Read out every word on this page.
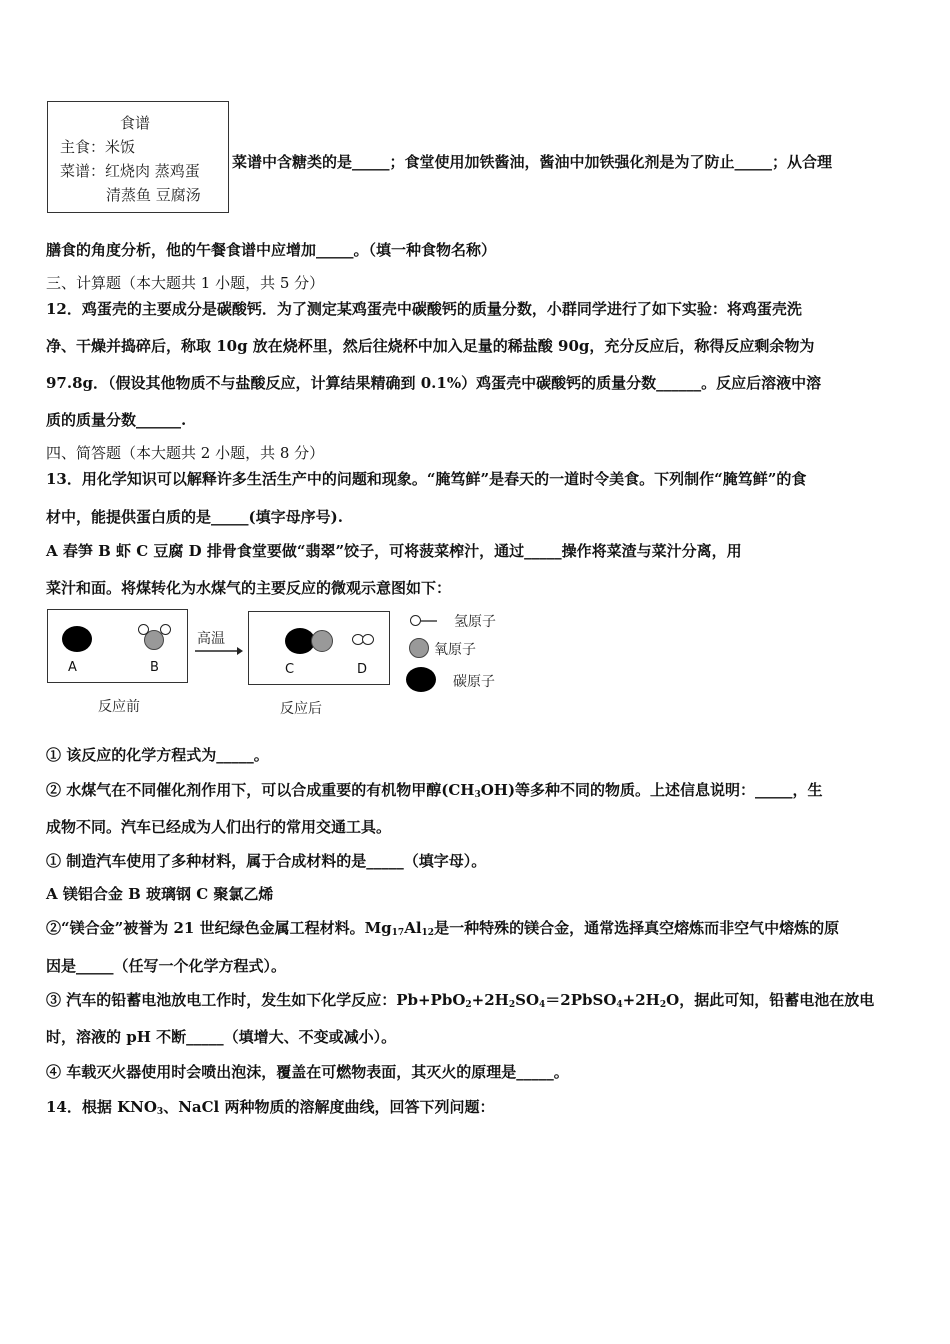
食谱
主食：米饭
菜谱：红烧肉 蒸鸡蛋
清蒸鱼 豆腐汤
菜谱中含糖类的是_____；食堂使用加铁酱油，酱油中加铁强化剂是为了防止_____；从合理
膳食的角度分析，他的午餐食谱中应增加_____。（填一种食物名称）
三、计算题（本大题共 1 小题，共 5 分）
12．鸡蛋壳的主要成分是碳酸钙．为了测定某鸡蛋壳中碳酸钙的质量分数，小群同学进行了如下实验：将鸡蛋壳洗
净、干燥并捣碎后，称取 10g 放在烧杯里，然后往烧杯中加入足量的稀盐酸 90g，充分反应后，称得反应剩余物为
97.8g．（假设其他物质不与盐酸反应，计算结果精确到 0.1%）鸡蛋壳中碳酸钙的质量分数______。反应后溶液中溶
质的质量分数______.
四、简答题（本大题共 2 小题，共 8 分）
13．用化学知识可以解释许多生活生产中的问题和现象。“腌笃鲜”是春天的一道时令美食。下列制作“腌笃鲜”的食
材中，能提供蛋白质的是_____(填字母序号).
A 春笋 B 虾 C 豆腐 D 排骨食堂要做“翡翠”饺子，可将菠菜榨汁，通过_____操作将菜渣与菜汁分离，用
菜汁和面。将煤转化为水煤气的主要反应的微观示意图如下：
A	B
高温
C	D
反应前	反应后
氢原子
氧原子
碳原子
① 该反应的化学方程式为_____。
② 水煤气在不同催化剂作用下，可以合成重要的有机物甲醇$(CH_3OH)$等多种不同的物质。上述信息说明：_____，生
成物不同。汽车已经成为人们出行的常用交通工具。
① 制造汽车使用了多种材料，属于合成材料的是_____（填字母）。
A 镁铝合金 B 玻璃钢 C 聚氯乙烯
②“镁合金”被誉为 21 世纪绿色金属工程材料。$Mg_{17}Al_{12}$是一种特殊的镁合金，通常选择真空熔炼而非空气中熔炼的原
因是_____（任写一个化学方程式）。
③ 汽车的铅蓄电池放电工作时，发生如下化学反应：$Pb+PbO_2+2H_2SO_4=2PbSO_4+2H_2O$，据此可知，铅蓄电池在放电
时，溶液的 pH 不断_____（填增大、不变或减小）。
④ 车载灭火器使用时会喷出泡沫，覆盖在可燃物表面，其灭火的原理是_____。
14．根据 $KNO_3$、NaCl 两种物质的溶解度曲线，回答下列问题：
